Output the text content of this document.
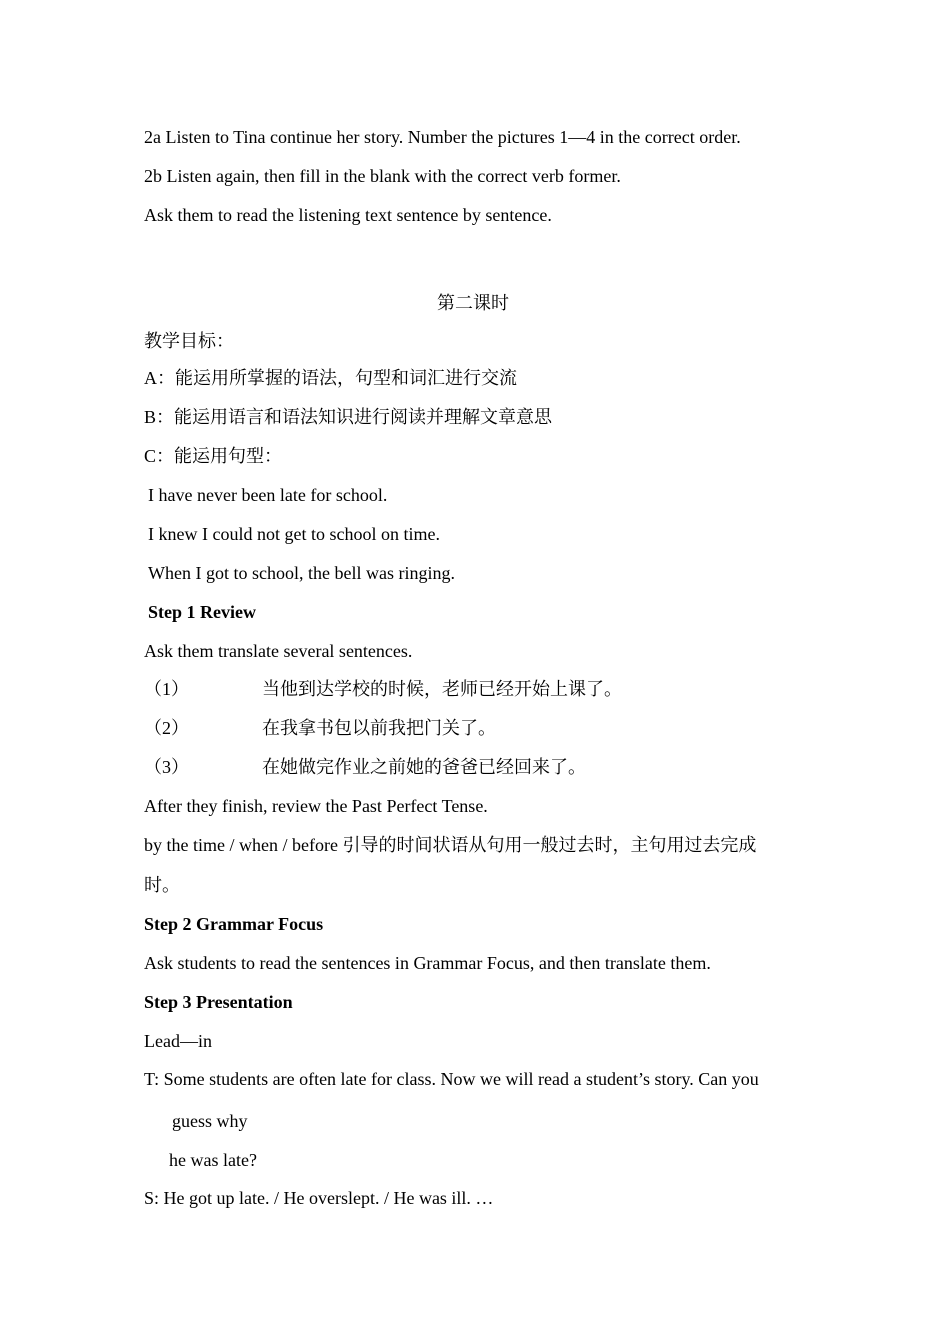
2a Listen to Tina continue her story. Number the pictures 1—4 in the correct order.
2b Listen again, then fill in the blank with the correct verb former.
Ask them to read the listening text sentence by sentence.
第二课时
教学目标：
A：能运用所掌握的语法，句型和词汇进行交流
B：能运用语言和语法知识进行阅读并理解文章意思
C：能运用句型：
I have never been late for school.
I knew I could not get to school on time.
When I got to school, the bell was ringing.
Step 1 Review
Ask them translate several sentences.
（1）	当他到达学校的时候，老师已经开始上课了。
（2）	在我拿书包以前我把门关了。
（3）	在她做完作业之前她的爸爸已经回来了。
After they finish, review the Past Perfect Tense.
by the time / when / before 引导的时间状语从句用一般过去时，主句用过去完成
时。
Step 2 Grammar Focus
Ask students to read the sentences in Grammar Focus, and then translate them.
Step 3 Presentation
Lead—in
T: Some students are often late for class. Now we will read a student’s story. Can you
guess why
he was late?
S: He got up late. / He overslept. / He was ill. …
